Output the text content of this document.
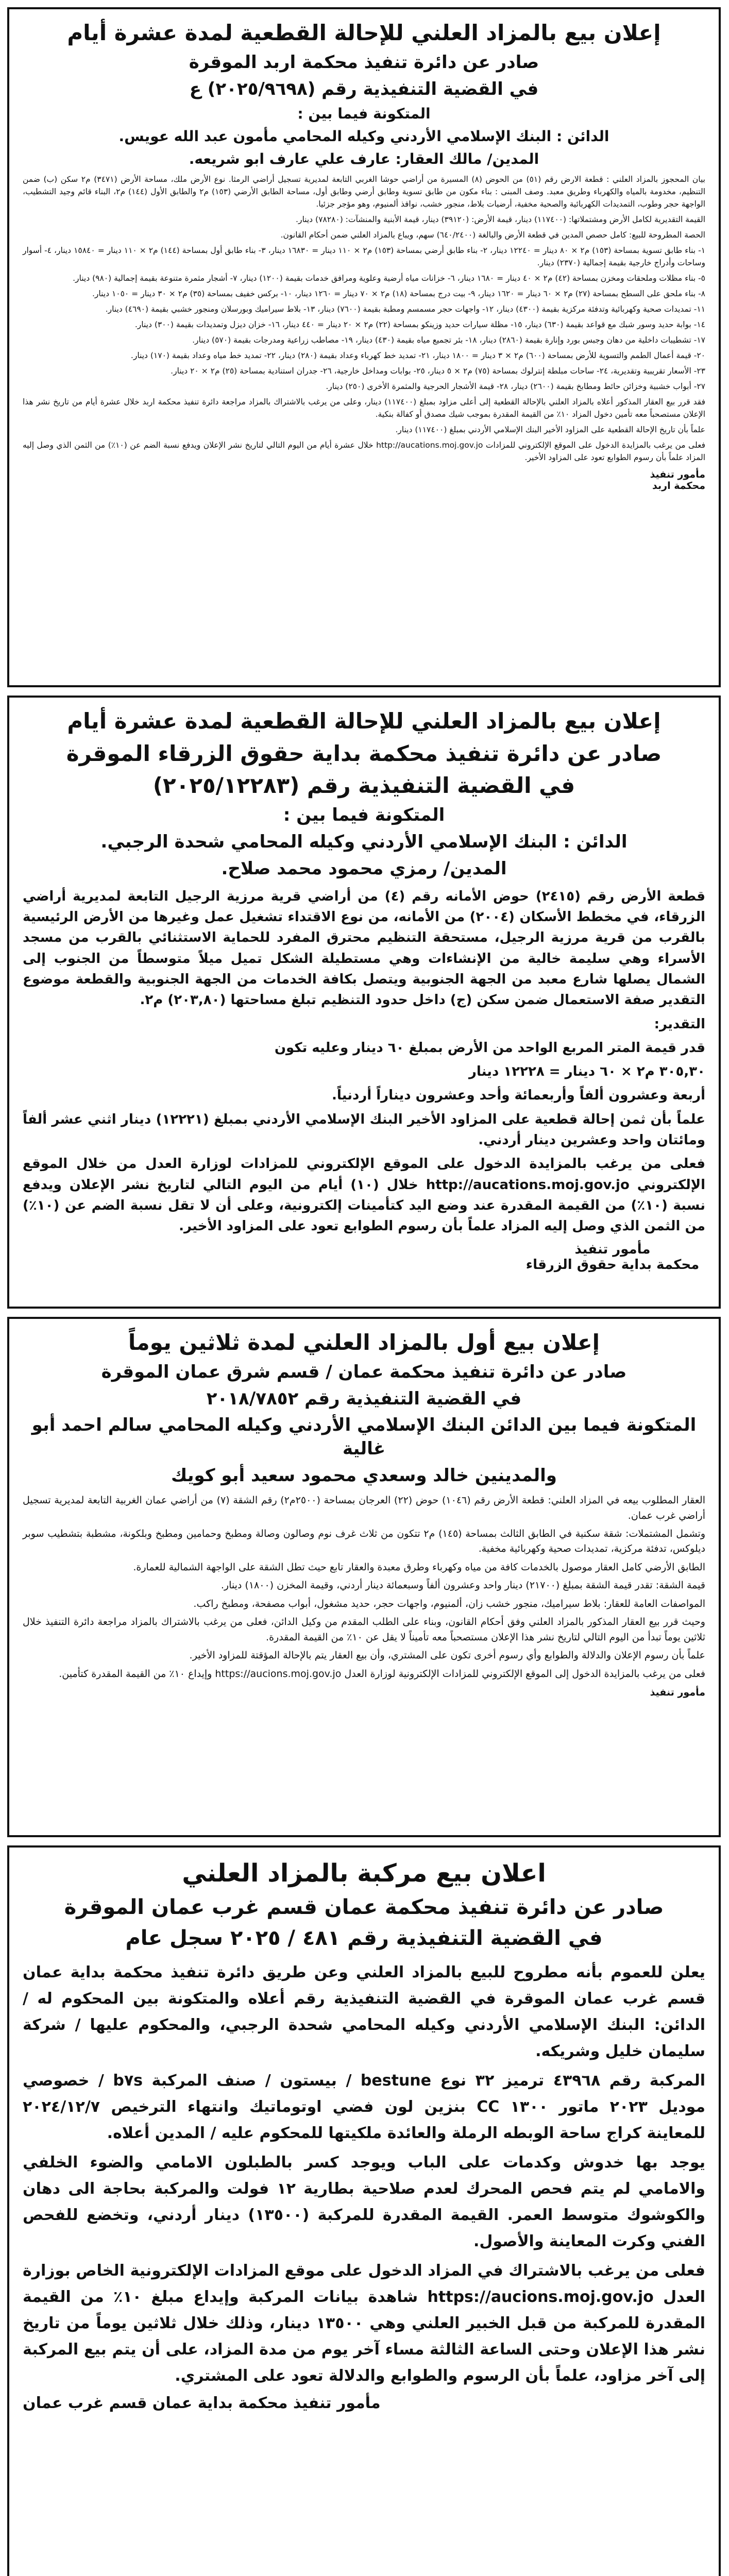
إعلان بيع بالمزاد العلني للإحالة القطعية لمدة عشرة أيام
صادر عن دائرة تنفيذ محكمة اربد الموقرة
في القضية التنفيذية رقم (٢٠٢٥/٩٦٩٨) ع
المتكونة فيما بين :
الدائن : البنك الإسلامي الأردني وكيله المحامي مأمون عبد الله عويس.
المدين/ مالك العقار: عارف علي عارف ابو شريعه.

بيان المحجوز بالمزاد العلني : قطعة الارض رقم (٥١) من الحوض (٨) المسيرة من أراضي حوشا الغربي التابعة لمديرية تسجيل أراضي الرمثا. نوع الأرض ملك، مساحة الأرض (٣٤٧١) م٢ سكن (ب) ضمن التنظيم، مخدومة بالمياه والكهرباء وطريق معبد. وصف المبنى : بناء مكون من طابق تسوية وطابق أرضي وطابق أول، مساحة الطابق الأرضي (١٥٣) م٢ والطابق الأول (١٤٤) م٢، البناء قائم وجيد التشطيب، الواجهة حجر وطوب، التمديدات الكهربائية والصحية مخفية، أرضيات بلاط، منجور خشب، نوافذ ألمنيوم، وهو مؤجر جزئيا.

القيمة التقديرية لكامل الأرض ومشتملاتها: (١١٧٤٠٠) دينار، قيمة الأرض: (٣٩١٢٠) دينار، قيمة الأبنية والمنشآت: (٧٨٢٨٠) دينار.

الحصة المطروحة للبيع: كامل حصص المدين في قطعة الأرض والبالغة (٦٤٠/٢٤٠٠) سهم، ويباع بالمزاد العلني ضمن أحكام القانون.

١- بناء طابق تسوية بمساحة (١٥٣) م٢ × ٨٠ دينار = ١٢٢٤٠ دينار، ٢- بناء طابق أرضي بمساحة (١٥٣) م٢ × ١١٠ دينار = ١٦٨٣٠ دينار، ٣- بناء طابق أول بمساحة (١٤٤) م٢ × ١١٠ دينار = ١٥٨٤٠ دينار، ٤- أسوار وساحات وأدراج خارجية بقيمة إجمالية (٢٣٧٠) دينار.

٥- بناء مظلات وملحقات ومخزن بمساحة (٤٢) م٢ × ٤٠ دينار = ١٦٨٠ دينار، ٦- خزانات مياه أرضية وعلوية ومرافق خدمات بقيمة (١٢٠٠) دينار، ٧- أشجار مثمرة متنوعة بقيمة إجمالية (٩٨٠) دينار.

٨- بناء ملحق على السطح بمساحة (٢٧) م٢ × ٦٠ دينار = ١٦٢٠ دينار، ٩- بيت درج بمساحة (١٨) م٢ × ٧٠ دينار = ١٢٦٠ دينار، ١٠- بركس خفيف بمساحة (٣٥) م٢ × ٣٠ دينار = ١٠٥٠ دينار.

١١- تمديدات صحية وكهربائية وتدفئة مركزية بقيمة (٤٣٠٠) دينار، ١٢- واجهات حجر مسمسم ومطبة بقيمة (٧٦٠٠) دينار، ١٣- بلاط سيراميك وبورسلان ومنجور خشبي بقيمة (٤٦٩٠) دينار.

١٤- بوابة حديد وسور شبك مع قواعد بقيمة (٦٣٠) دينار، ١٥- مظلة سيارات حديد وزينكو بمساحة (٢٢) م٢ × ٢٠ دينار = ٤٤٠ دينار، ١٦- خزان ديزل وتمديدات بقيمة (٣٠٠) دينار.

١٧- تشطيبات داخلية من دهان وجبس بورد وإنارة بقيمة (٢٨٦٠) دينار، ١٨- بئر تجميع مياه بقيمة (٤٣٠) دينار، ١٩- مصاطب زراعية ومدرجات بقيمة (٥٧٠) دينار.

٢٠- قيمة أعمال الطمم والتسوية للأرض بمساحة (٦٠٠) م٢ × ٣ دينار = ١٨٠٠ دينار، ٢١- تمديد خط كهرباء وعداد بقيمة (٢٨٠) دينار، ٢٢- تمديد خط مياه وعداد بقيمة (١٧٠) دينار.

٢٣- الأسعار تقريبية وتقديرية، ٢٤- ساحات مبلطة إنترلوك بمساحة (٧٥) م٢ × ٥ دينار، ٢٥- بوابات ومداخل خارجية، ٢٦- جدران استنادية بمساحة (٢٥) م٢ × ٢٠ دينار.

٢٧- أبواب خشبية وخزائن حائط ومطابخ بقيمة (٢٦٠٠) دينار، ٢٨- قيمة الأشجار الحرجية والمثمرة الأخرى (٢٥٠) دينار.

فقد قرر بيع العقار المذكور أعلاه بالمزاد العلني بالإحالة القطعية إلى أعلى مزاود بمبلغ (١١٧٤٠٠) دينار، وعلى من يرغب بالاشتراك بالمزاد مراجعة دائرة تنفيذ محكمة اربد خلال عشرة أيام من تاريخ نشر هذا الإعلان مستصحباً معه تأمين دخول المزاد ١٠٪ من القيمة المقدرة بموجب شيك مصدق أو كفالة بنكية.

علماً بأن تاريخ الإحالة القطعية على المزاود الأخير البنك الإسلامي الأردني بمبلغ (١١٧٤٠٠) دينار.

فعلى من يرغب بالمزايدة الدخول على الموقع الإلكتروني للمزادات http://aucations.moj.gov.jo خلال عشرة أيام من اليوم التالي لتاريخ نشر الإعلان ويدفع نسبة الضم عن (١٠٪) من الثمن الذي وصل إليه المزاد علماً بأن رسوم الطوابع تعود على المزاود الأخير.

مأمور تنفيذ
محكمة اربد
إعلان بيع بالمزاد العلني للإحالة القطعية لمدة عشرة أيام
صادر عن دائرة تنفيذ محكمة بداية حقوق الزرقاء الموقرة
في القضية التنفيذية رقم (٢٠٢٥/١٢٢٨٣)
المتكونة فيما بين :
الدائن : البنك الإسلامي الأردني وكيله المحامي شحدة الرجبي.
المدين/ رمزي محمود محمد صلاح.

قطعة الأرض رقم (٢٤١٥) حوض الأمانه رقم (٤) من أراضي قرية مرزية الرجيل التابعة لمديرية أراضي الزرقاء، في مخطط الأسكان (٢٠٠٤) من الأمانه، من نوع الاقتداء تشغيل عمل وغيرها من الأرض الرئيسية بالقرب من قرية مرزية الرجيل، مستحقة التنظيم محترق المفرد للحماية الاستثنائي بالقرب من مسجد الأسراء وهي سليمة خالية من الإنشاءات وهي مستطيلة الشكل تميل ميلاً متوسطاً من الجنوب إلى الشمال يصلها شارع معبد من الجهة الجنوبية ويتصل بكافة الخدمات من الجهة الجنوبية والقطعة موضوع التقدير صفة الاستعمال ضمن سكن (ج) داخل حدود التنظيم تبلغ مساحتها (٢٠٣,٨٠) م٢.

التقدير:

قدر قيمة المتر المربع الواحد من الأرض بمبلغ ٦٠ دينار وعليه تكون

٣٠٥,٣٠ م٢ × ٦٠ دينار = ١٢٢٢٨ دينار

أربعة وعشرون ألفاً وأربعمائة وأحد وعشرون ديناراً أردنياً.

علماً بأن ثمن إحالة قطعية على المزاود الأخير البنك الإسلامي الأردني بمبلغ (١٢٢٢١) دينار اثني عشر ألفاً ومائتان واحد وعشرين دينار أردني.

فعلى من يرغب بالمزايدة الدخول على الموقع الإلكتروني للمزادات لوزارة العدل من خلال الموقع الإلكتروني http://aucations.moj.gov.jo خلال (١٠) أيام من اليوم التالي لتاريخ نشر الإعلان ويدفع نسبة (١٠٪) من القيمة المقدرة عند وضع اليد كتأمينات إلكترونية، وعلى أن لا تقل نسبة الضم عن (١٠٪) من الثمن الذي وصل إليه المزاد علماً بأن رسوم الطوابع تعود على المزاود الأخير.

مأمور تنفيذ
محكمة بداية حقوق الزرقاء
إعلان بيع أول بالمزاد العلني لمدة ثلاثين يوماً
صادر عن دائرة تنفيذ محكمة عمان / قسم شرق عمان الموقرة
في القضية التنفيذية رقم ٢٠١٨/٧٨٥٢
المتكونة فيما بين الدائن البنك الإسلامي الأردني وكيله المحامي سالم احمد أبو غالية
والمدينين خالد وسعدي محمود سعيد أبو كويك

العقار المطلوب بيعه في المزاد العلني: قطعة الأرض رقم (١٠٤٦) حوض (٢٢) العرجان بمساحة (٢٥٠٠م٢) رقم الشقة (٧) من أراضي عمان الغربية التابعة لمديرية تسجيل أراضي غرب عمان.

وتشمل المشتملات: شقة سكنية في الطابق الثالث بمساحة (١٤٥) م٢ تتكون من ثلاث غرف نوم وصالون وصالة ومطبخ وحمامين ومطبخ وبلكونة، مشطبة بتشطيب سوبر ديلوكس، تدفئة مركزية، تمديدات صحية وكهربائية مخفية.

الطابق الأرضي كامل العقار موصول بالخدمات كافة من مياه وكهرباء وطرق معبدة والعقار تابع حيث تطل الشقة على الواجهة الشمالية للعمارة.

قيمة الشقة: تقدر قيمة الشقة بمبلغ (٢١٧٠٠) دينار واحد وعشرون ألفاً وسبعمائة دينار أردني، وقيمة المخزن (١٨٠٠) دينار.

المواصفات العامة للعقار: بلاط سيراميك، منجور خشب زان، ألمنيوم، واجهات حجر، حديد مشغول، أبواب مصفحة، ومطبخ راكب.

وحيث قرر بيع العقار المذكور بالمزاد العلني وفق أحكام القانون، وبناء على الطلب المقدم من وكيل الدائن، فعلى من يرغب بالاشتراك بالمزاد مراجعة دائرة التنفيذ خلال ثلاثين يوماً تبدأ من اليوم التالي لتاريخ نشر هذا الإعلان مستصحباً معه تأميناً لا يقل عن ١٠٪ من القيمة المقدرة.

علماً بأن رسوم الإعلان والدلالة والطوابع وأي رسوم أخرى تكون على المشتري، وأن بيع العقار يتم بالإحالة المؤقتة للمزاود الأخير.

فعلى من يرغب بالمزايدة الدخول إلى الموقع الإلكتروني للمزادات الإلكترونية لوزارة العدل https://aucions.moj.gov.jo وإيداع ١٠٪ من القيمة المقدرة كتأمين.

مأمور تنفيذ
اعلان بيع مركبة بالمزاد العلني
صادر عن دائرة تنفيذ محكمة عمان قسم غرب عمان الموقرة
في القضية التنفيذية رقم ٤٨١ / ٢٠٢٥ سجل عام

يعلن للعموم بأنه مطروح للبيع بالمزاد العلني وعن طريق دائرة تنفيذ محكمة بداية عمان قسم غرب عمان الموقرة في القضية التنفيذية رقم أعلاه والمتكونة بين المحكوم له / الدائن: البنك الإسلامي الأردني وكيله المحامي شحدة الرجبي، والمحكوم عليها / شركة سليمان خليل وشريكه.

المركبة رقم ٤٣٩٦٨ ترميز ٣٢ نوع bestune / بيستون / صنف المركبة b٧s / خصوصي موديل ٢٠٢٣ ماتور ١٣٠٠ CC بنزين لون فضي اوتوماتيك وانتهاء الترخيص ٢٠٢٤/١٢/٧ للمعاينة كراج ساحة الوبطه الرملة والعائدة ملكيتها للمحكوم عليه / المدين أعلاه.

يوجد بها خدوش وكدمات على الباب ويوجد كسر بالطبلون الامامي والضوء الخلفي والامامي لم يتم فحص المحرك لعدم صلاحية بطارية ١٢ فولت والمركبة بحاجة الى دهان والكوشوك متوسط العمر. القيمة المقدرة للمركبة (١٣٥٠٠) دينار أردني، وتخضع للفحص الفني وكرت المعاينة والأصول.

فعلى من يرغب بالاشتراك في المزاد الدخول على موقع المزادات الإلكترونية الخاص بوزارة العدل https://aucions.moj.gov.jo شاهدة بيانات المركبة وإيداع مبلغ ١٠٪ من القيمة المقدرة للمركبة من قبل الخبير العلني وهي ١٣٥٠٠ دينار، وذلك خلال ثلاثين يوماً من تاريخ نشر هذا الإعلان وحتى الساعة الثالثة مساء آخر يوم من مدة المزاد، على أن يتم بيع المركبة إلى آخر مزاود، علماً بأن الرسوم والطوابع والدلالة تعود على المشتري.

مأمور تنفيذ محكمة بداية عمان قسم غرب عمان
